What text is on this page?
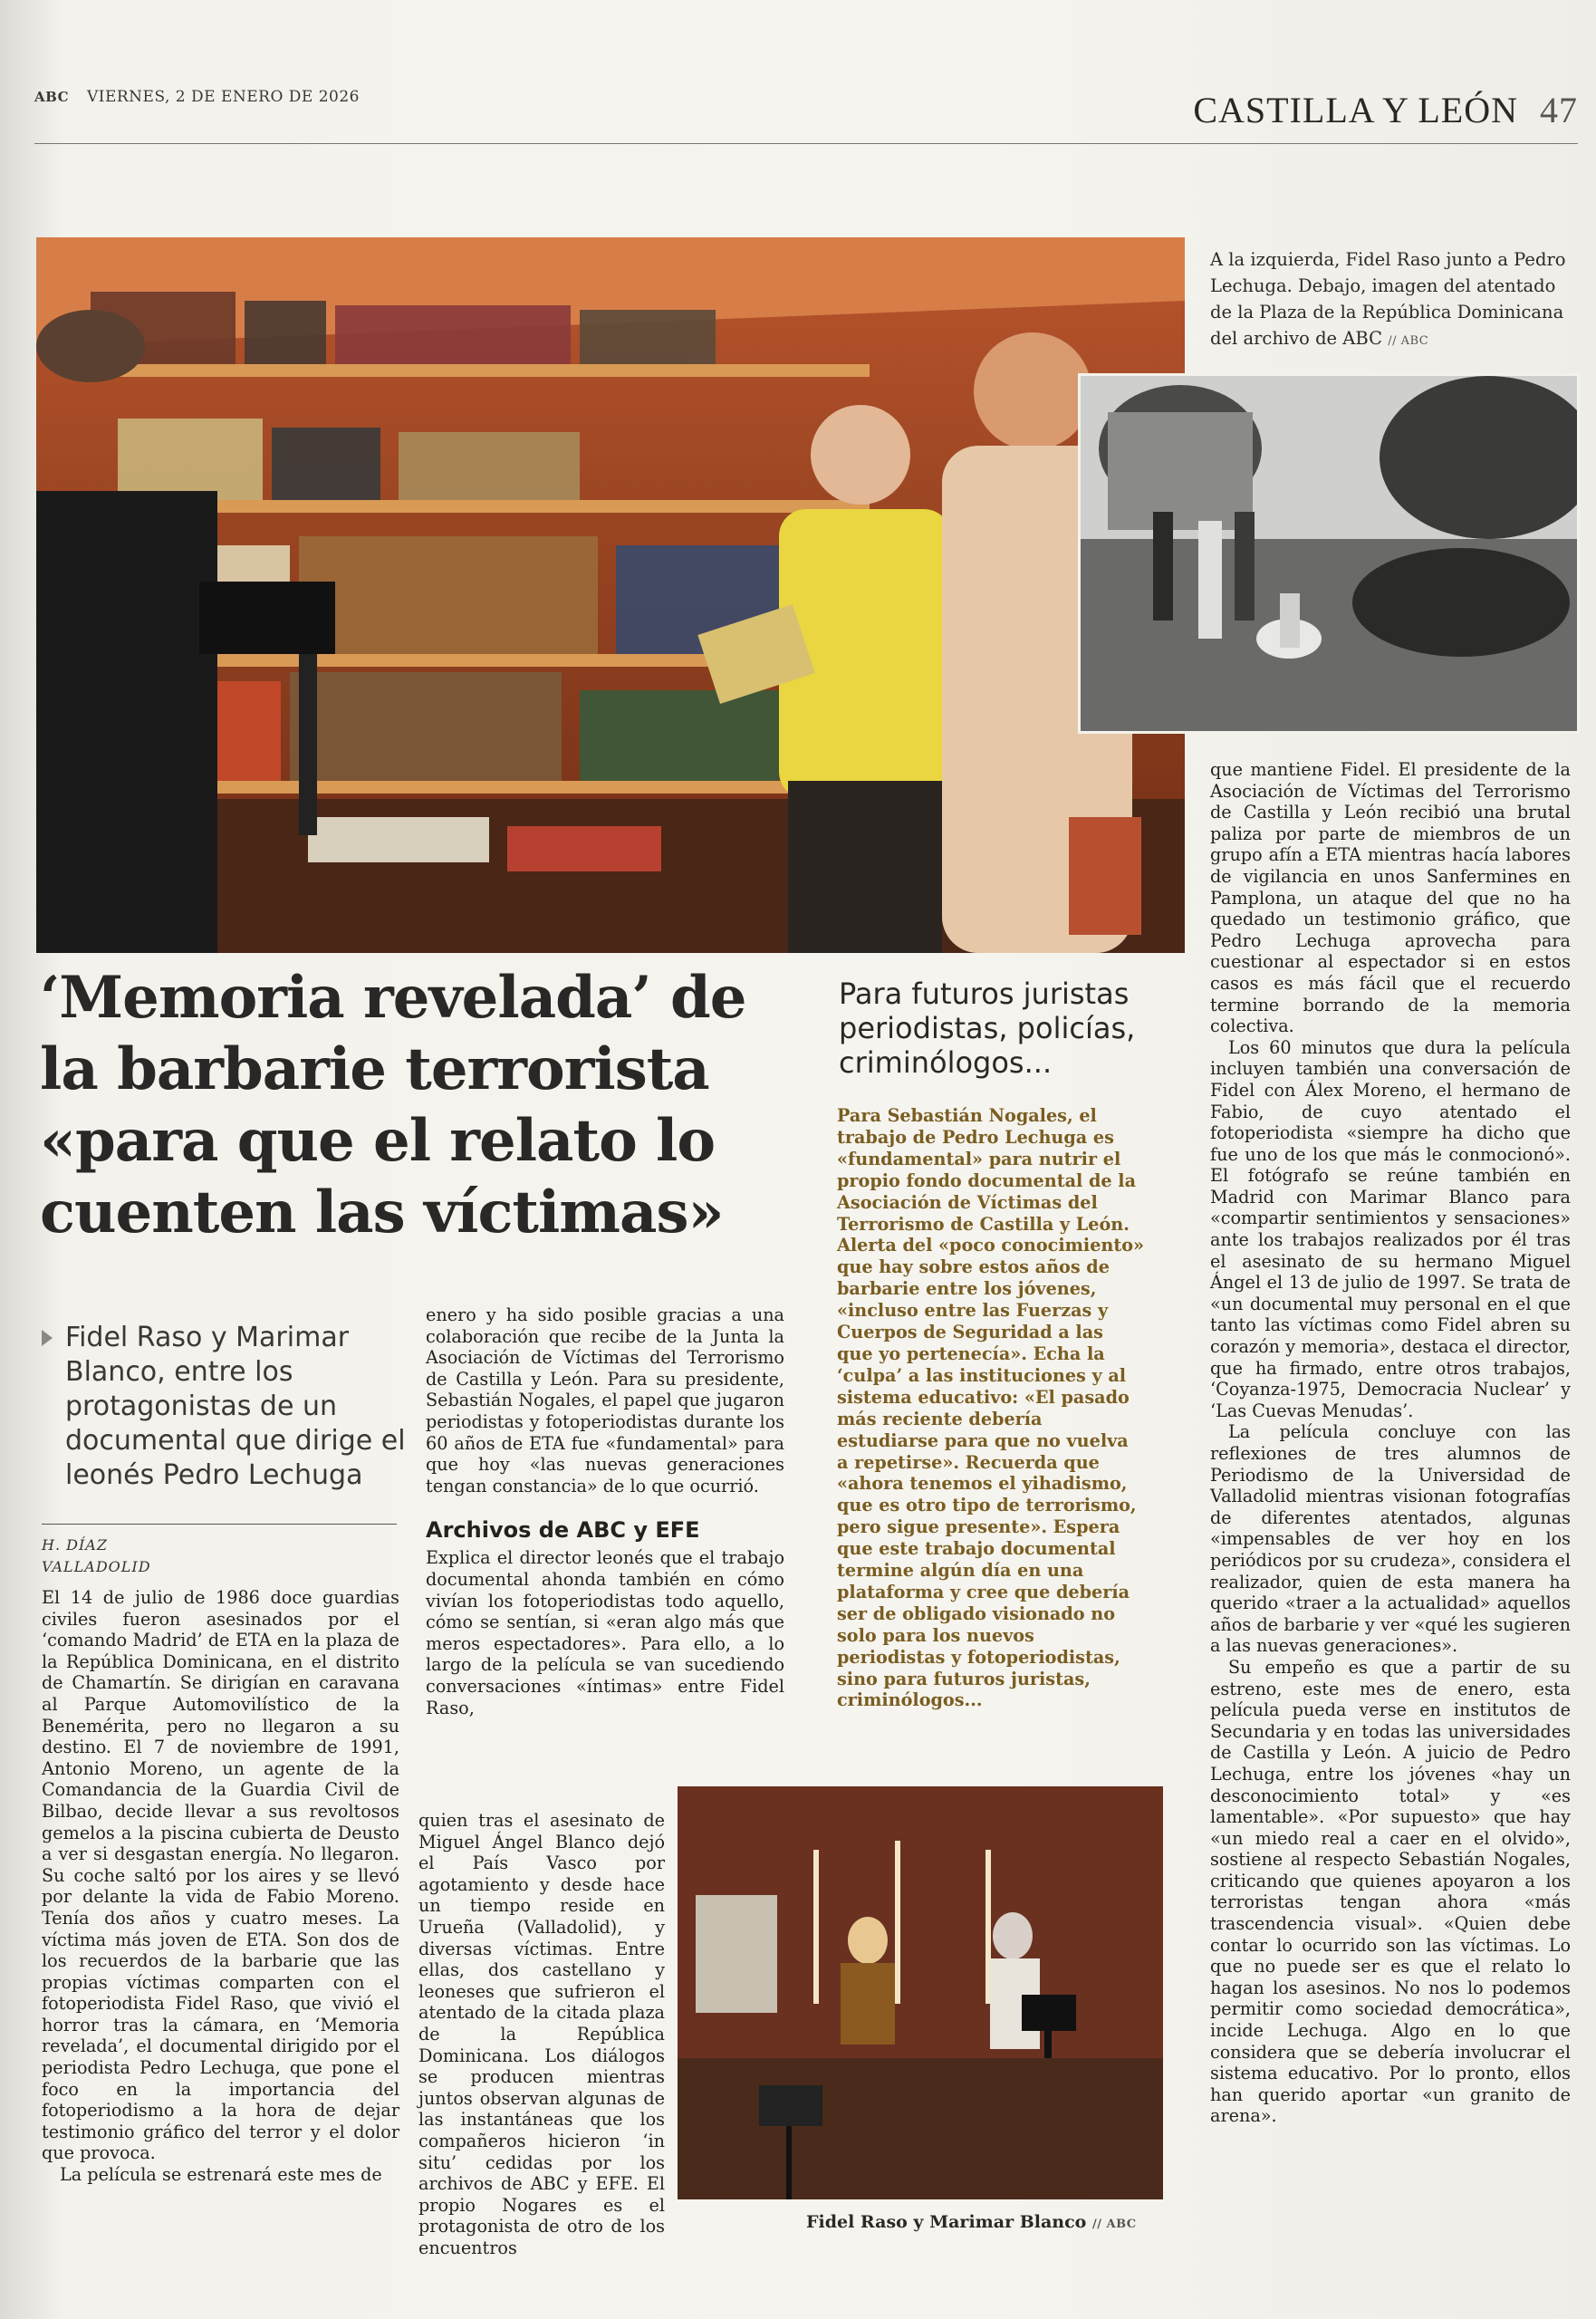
ABC VIERNES, 2 DE ENERO DE 2026	CASTILLA Y LEÓN 47
A la izquierda, Fidel Raso junto a Pedro Lechuga. Debajo, imagen del atentado de la Plaza de la República Dominicana del archivo de ABC // ABC
‘Memoria revelada’ de la barbarie terrorista «para que el relato lo cuenten las víctimas»
Fidel Raso y Marimar Blanco, entre los protagonistas de un documental que dirige el leonés Pedro Lechuga
H. DÍAZ
VALLADOLID

El 14 de julio de 1986 doce guardias civiles fueron asesinados por el ‘comando Madrid’ de ETA en la plaza de la República Dominicana, en el distrito de Chamartín. Se dirigían en caravana al Parque Automovilístico de la Benemérita, pero no llegaron a su destino. El 7 de noviembre de 1991, Antonio Moreno, un agente de la Comandancia de la Guardia Civil de Bilbao, decide llevar a sus revoltosos gemelos a la piscina cubierta de Deusto a ver si desgastan energía. No llegaron. Su coche saltó por los aires y se llevó por delante la vida de Fabio Moreno. Tenía dos años y cuatro meses. La víctima más joven de ETA. Son dos de los recuerdos de la barbarie que las propias víctimas comparten con el fotoperiodista Fidel Raso, que vivió el horror tras la cámara, en ‘Memoria revelada’, el documental dirigido por el periodista Pedro Lechuga, que pone el foco en la importancia del fotoperiodismo a la hora de dejar testimonio gráfico del terror y el dolor que provoca.

La película se estrenará este mes de

enero y ha sido posible gracias a una colaboración que recibe de la Junta la Asociación de Víctimas del Terrorismo de Castilla y León. Para su presidente, Sebastián Nogales, el papel que jugaron periodistas y fotoperiodistas durante los 60 años de ETA fue «fundamental» para que hoy «las nuevas generaciones tengan constancia» de lo que ocurrió.

Archivos de ABC y EFE

Explica el director leonés que el trabajo documental ahonda también en cómo vivían los fotoperiodistas todo aquello, cómo se sentían, si «eran algo más que meros espectadores». Para ello, a lo largo de la película se van sucediendo conversaciones «íntimas» entre Fidel Raso,

quien tras el asesinato de Miguel Ángel Blanco dejó el País Vasco por agotamiento y desde hace un tiempo reside en Urueña (Valladolid), y diversas víctimas. Entre ellas, dos castellano y leoneses que sufrieron el atentado de la citada plaza de la República Dominicana. Los diálogos se producen mientras juntos observan algunas de las instantáneas que los compañeros hicieron ‘in situ’ cedidas por los archivos de ABC y EFE. El propio Nogares es el protagonista de otro de los encuentros

Para futuros juristas periodistas, policías, criminólogos...

Para Sebastián Nogales, el trabajo de Pedro Lechuga es «fundamental» para nutrir el propio fondo documental de la Asociación de Víctimas del Terrorismo de Castilla y León. Alerta del «poco conocimiento» que hay sobre estos años de barbarie entre los jóvenes, «incluso entre las Fuerzas y Cuerpos de Seguridad a las que yo pertenecía». Echa la ‘culpa’ a las instituciones y al sistema educativo: «El pasado más reciente debería estudiarse para que no vuelva a repetirse». Recuerda que «ahora tenemos el yihadismo, que es otro tipo de terrorismo, pero sigue presente». Espera que este trabajo documental termine algún día en una plataforma y cree que debería ser de obligado visionado no solo para los nuevos periodistas y fotoperiodistas, sino para futuros juristas, criminólogos...

Fidel Raso y Marimar Blanco // ABC

que mantiene Fidel. El presidente de la Asociación de Víctimas del Terrorismo de Castilla y León recibió una brutal paliza por parte de miembros de un grupo afín a ETA mientras hacía labores de vigilancia en unos Sanfermines en Pamplona, un ataque del que no ha quedado un testimonio gráfico, que Pedro Lechuga aprovecha para cuestionar al espectador si en estos casos es más fácil que el recuerdo termine borrando de la memoria colectiva.

Los 60 minutos que dura la película incluyen también una conversación de Fidel con Álex Moreno, el hermano de Fabio, de cuyo atentado el fotoperiodista «siempre ha dicho que fue uno de los que más le conmocionó». El fotógrafo se reúne también en Madrid con Marimar Blanco para «compartir sentimientos y sensaciones» ante los trabajos realizados por él tras el asesinato de su hermano Miguel Ángel el 13 de julio de 1997. Se trata de «un documental muy personal en el que tanto las víctimas como Fidel abren su corazón y memoria», destaca el director, que ha firmado, entre otros trabajos, ‘Coyanza-1975, Democracia Nuclear’ y ‘Las Cuevas Menudas’.

La película concluye con las reflexiones de tres alumnos de Periodismo de la Universidad de Valladolid mientras visionan fotografías de diferentes atentados, algunas «impensables de ver hoy en los periódicos por su crudeza», considera el realizador, quien de esta manera ha querido «traer a la actualidad» aquellos años de barbarie y ver «qué les sugieren a las nuevas generaciones».

Su empeño es que a partir de su estreno, este mes de enero, esta película pueda verse en institutos de Secundaria y en todas las universidades de Castilla y León. A juicio de Pedro Lechuga, entre los jóvenes «hay un desconocimiento total» y «es lamentable». «Por supuesto» que hay «un miedo real a caer en el olvido», sostiene al respecto Sebastián Nogales, criticando que quienes apoyaron a los terroristas tengan ahora «más trascendencia visual». «Quien debe contar lo ocurrido son las víctimas. Lo que no puede ser es que el relato lo hagan los asesinos. No nos lo podemos permitir como sociedad democrática», incide Lechuga. Algo en lo que considera que se debería involucrar el sistema educativo. Por lo pronto, ellos han querido aportar «un granito de arena».
